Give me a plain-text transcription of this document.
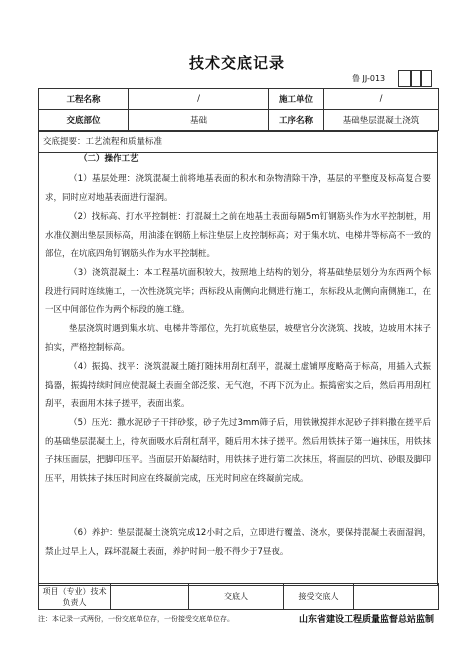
技术交底记录
鲁 JJ-013
工程名称	/	施工单位	/
交底部位	基础	工序名称	基础垫层混凝土浇筑
交底提要：工艺流程和质量标准
（二）操作工艺
（1）基层处理：浇筑混凝土前将地基表面的积水和杂物清除干净，基层的平整度及标高复合要求，同时应对地基表面进行湿润。
（2）找标高、打水平控制桩：打混凝土之前在地基土表面每隔5m钉钢筋头作为水平控制桩，用水准仪测出垫层顶标高，用油漆在钢筋上标注垫层上皮控制标高；对于集水坑、电梯井等标高不一致的部位，在坑底四角钉钢筋头作为水平控制桩。
（3）浇筑混凝土：本工程基坑面积较大，按照地上结构的划分，将基础垫层划分为东西两个标段进行同时连续施工，一次性浇筑完毕；西标段从南侧向北侧进行施工，东标段从北侧向南侧施工，在一区中间部位作为两个标段的施工缝。
垫层浇筑时遇到集水坑、电梯井等部位，先打坑底垫层，坡壁官分次浇筑、找坡，边坡用木抹子拍实，严格控制标高。
（4）振捣、找平：浇筑混凝土随打随抹用刮杠刮平，混凝土虚铺厚度略高于标高，用插入式振捣器，振捣持续时间应使混凝土表面全部泛浆、无气泡，不再下沉为止。振捣密实之后，然后再用刮杠刮平，表面用木抹子搓平，表面出浆。
（5）压光：撒水泥砂子干拌砂浆，砂子先过3mm筛子后，用铁锹搅拌水泥砂子拌料撒在搓平后的基础垫层混凝土上，待灰面吸水后刮杠刮平，随后用木抹子搓平。然后用铁抹子第一遍抹压，用铁抹子抹压面层，把脚印压平。当面层开始凝结时，用铁抹子进行第二次抹压，将面层的凹坑、砂眼及脚印压平，用铁抹子抹压时间应在终凝前完成，压光时间应在终凝前完成。
（6）养护：垫层混凝土浇筑完成12小时之后，立即进行覆盖、浇水，要保持混凝土表面湿润，禁止过早上人，踩坏混凝土表面，养护时间一般不得少于7昼夜。
项目（专业）技术负责人		交底人	接受交底人	
注：本记录一式两份，一份交底单位存，一份接受交底单位存。	山东省建设工程质量监督总站监制
